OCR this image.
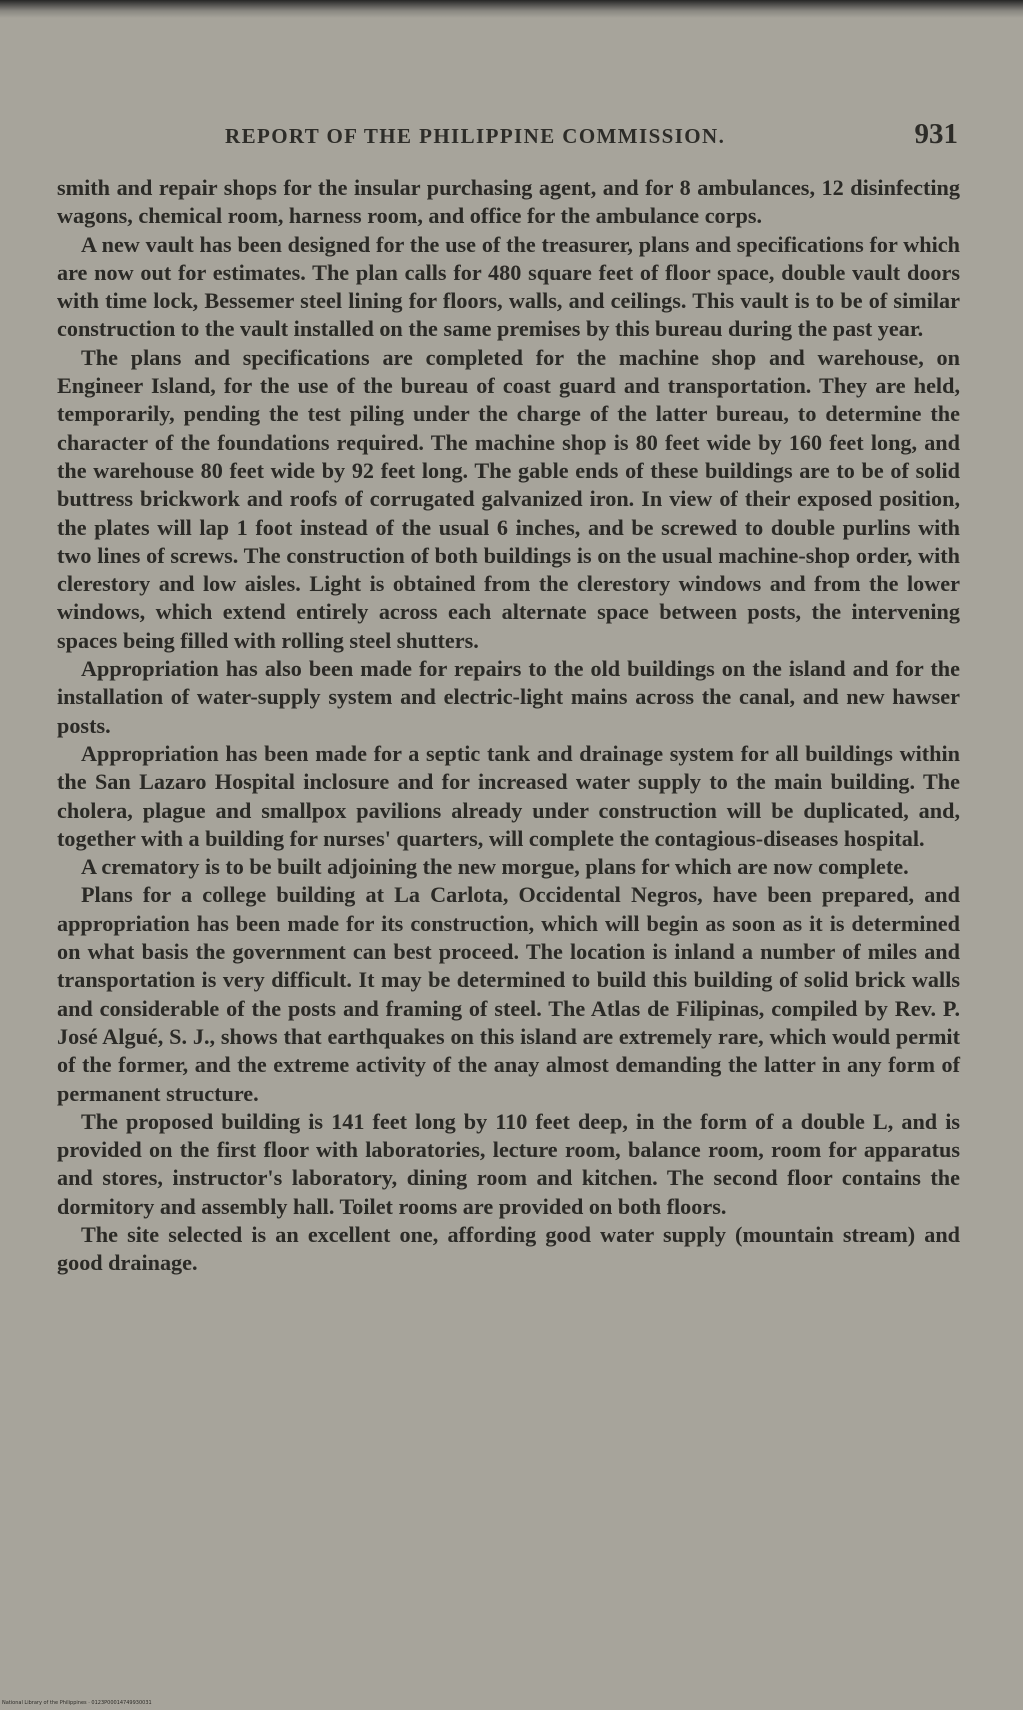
REPORT OF THE PHILIPPINE COMMISSION.	931

smith and repair shops for the insular purchasing agent, and for 8 ambulances, 12 disinfecting wagons, chemical room, harness room, and office for the ambulance corps.

A new vault has been designed for the use of the treasurer, plans and specifications for which are now out for estimates. The plan calls for 480 square feet of floor space, double vault doors with time lock, Bessemer steel lining for floors, walls, and ceilings. This vault is to be of similar construction to the vault installed on the same premises by this bureau during the past year.

The plans and specifications are completed for the machine shop and warehouse, on Engineer Island, for the use of the bureau of coast guard and transportation. They are held, temporarily, pending the test piling under the charge of the latter bureau, to determine the character of the foundations required. The machine shop is 80 feet wide by 160 feet long, and the warehouse 80 feet wide by 92 feet long. The gable ends of these buildings are to be of solid buttress brickwork and roofs of corrugated galvanized iron. In view of their exposed position, the plates will lap 1 foot instead of the usual 6 inches, and be screwed to double purlins with two lines of screws. The construction of both buildings is on the usual machine-shop order, with clerestory and low aisles. Light is obtained from the clerestory windows and from the lower windows, which extend entirely across each alternate space between posts, the intervening spaces being filled with rolling steel shutters.

Appropriation has also been made for repairs to the old buildings on the island and for the installation of water-supply system and electric-light mains across the canal, and new hawser posts.

Appropriation has been made for a septic tank and drainage system for all buildings within the San Lazaro Hospital inclosure and for increased water supply to the main building. The cholera, plague and smallpox pavilions already under construction will be duplicated, and, together with a building for nurses' quarters, will complete the contagious-diseases hospital.

A crematory is to be built adjoining the new morgue, plans for which are now complete.

Plans for a college building at La Carlota, Occidental Negros, have been prepared, and appropriation has been made for its construction, which will begin as soon as it is determined on what basis the government can best proceed. The location is inland a number of miles and transportation is very difficult. It may be determined to build this building of solid brick walls and considerable of the posts and framing of steel. The Atlas de Filipinas, compiled by Rev. P. José Algué, S. J., shows that earthquakes on this island are extremely rare, which would permit of the former, and the extreme activity of the anay almost demanding the latter in any form of permanent structure.

The proposed building is 141 feet long by 110 feet deep, in the form of a double L, and is provided on the first floor with laboratories, lecture room, balance room, room for apparatus and stores, instructor's laboratory, dining room and kitchen. The second floor contains the dormitory and assembly hall. Toilet rooms are provided on both floors.

The site selected is an excellent one, affording good water supply (mountain stream) and good drainage.

National Library of the Philippines · 0123P00014749930031
